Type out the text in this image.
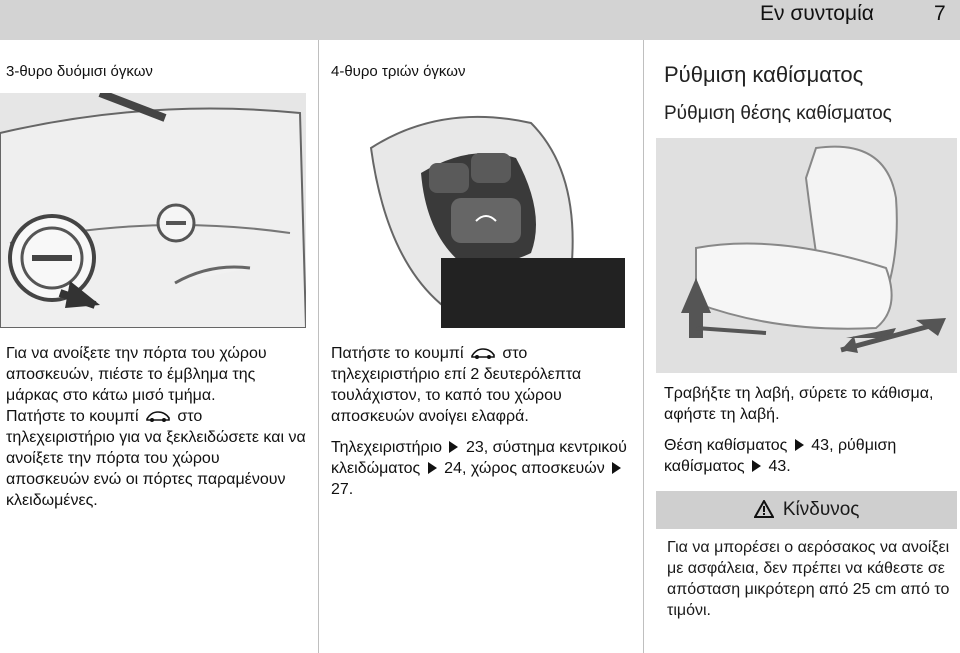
Εν συντομία	7
3-θυρο δυόμισι όγκων

Για να ανοίξετε την πόρτα του χώρου αποσκευών, πιέστε το έμβλημα της μάρκας στο κάτω μισό τμήμα.

Πατήστε το κουμπί στο τηλεχειριστήριο για να ξεκλειδώσετε και να ανοίξετε την πόρτα του χώρου αποσκευών ενώ οι πόρτες παραμένουν κλειδωμένες.

4-θυρο τριών όγκων

Πατήστε το κουμπί στο τηλεχειριστήριο επί 2 δευτερόλεπτα τουλάχιστον, το καπό του χώρου αποσκευών ανοίγει ελαφρά.

Τηλεχειριστήριο 23, σύστημα κεντρικού κλειδώματος 24, χώρος αποσκευών  27.

Ρύθμιση καθίσματος
Ρύθμιση θέσης καθίσματος

Τραβήξτε τη λαβή, σύρετε το κάθισμα, αφήστε τη λαβή.

Θέση καθίσματος 43, ρύθμιση καθίσματος 43.

Κίνδυνος
Για να μπορέσει ο αερόσακος να ανοίξει με ασφάλεια, δεν πρέπει να κάθεστε σε απόσταση μικρότερη από 25 cm από το τιμόνι.
